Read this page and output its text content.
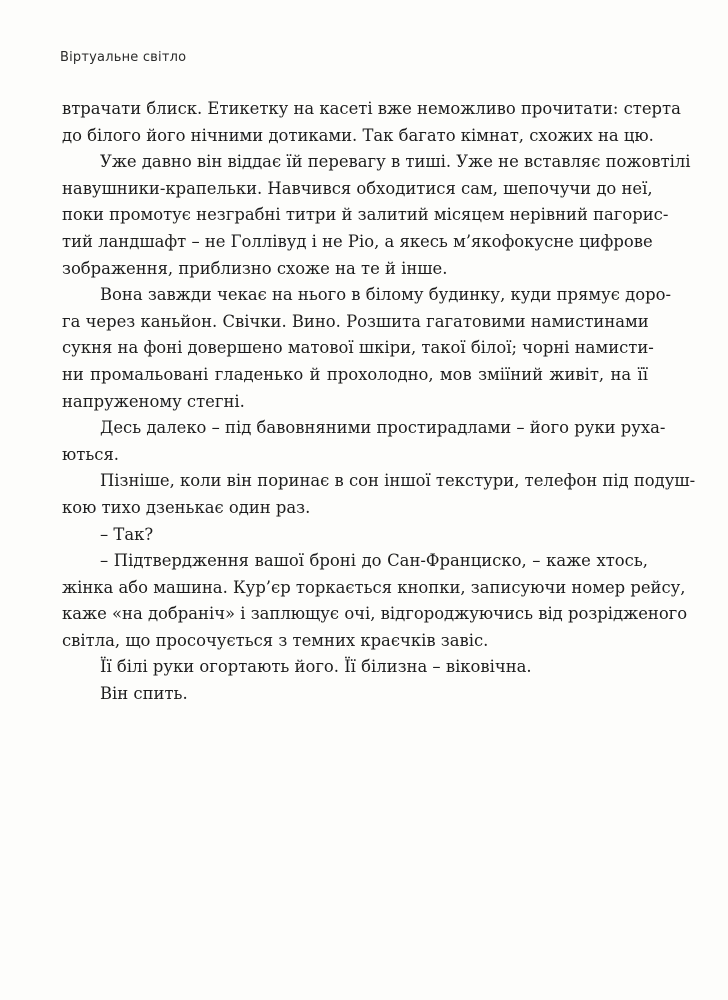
Віртуальне світло
втрачати блиск. Етикетку на касеті вже неможливо прочитати: стерта
до білого його нічними дотиками. Так багато кімнат, схожих на цю.
Уже давно він віддає їй перевагу в тиші. Уже не вставляє пожовтілі
навушники-крапельки. Навчився обходитися сам, шепочучи до неї,
поки промотує незграбні титри й залитий місяцем нерівний пагорис-
тий ландшафт – не Голлівуд і не Ріо, а якесь м’якофокусне цифрове
зображення, приблизно схоже на те й інше.
Вона завжди чекає на нього в білому будинку, куди прямує доро-
га через каньйон. Свічки. Вино. Розшита гагатовими намистинами
сукня на фоні довершено матової шкіри, такої білої; чорні намисти-
ни промальовані гладенько й прохолодно, мов зміїний живіт, на її
напруженому стегні.
Десь далеко – під бавовняними простирадлами – його руки руха-
ються.
Пізніше, коли він поринає в сон іншої текстури, телефон під подуш-
кою тихо дзенькає один раз.
– Так?
– Підтвердження вашої броні до Сан-Франциско, – каже хтось,
жінка або машина. Кур’єр торкається кнопки, записуючи номер рейсу,
каже «на добраніч» і заплющує очі, відгороджуючись від розрідженого
світла, що просочується з темних краєчків завіс.
Її білі руки огортають його. Її білизна – віковічна.
Він спить.
